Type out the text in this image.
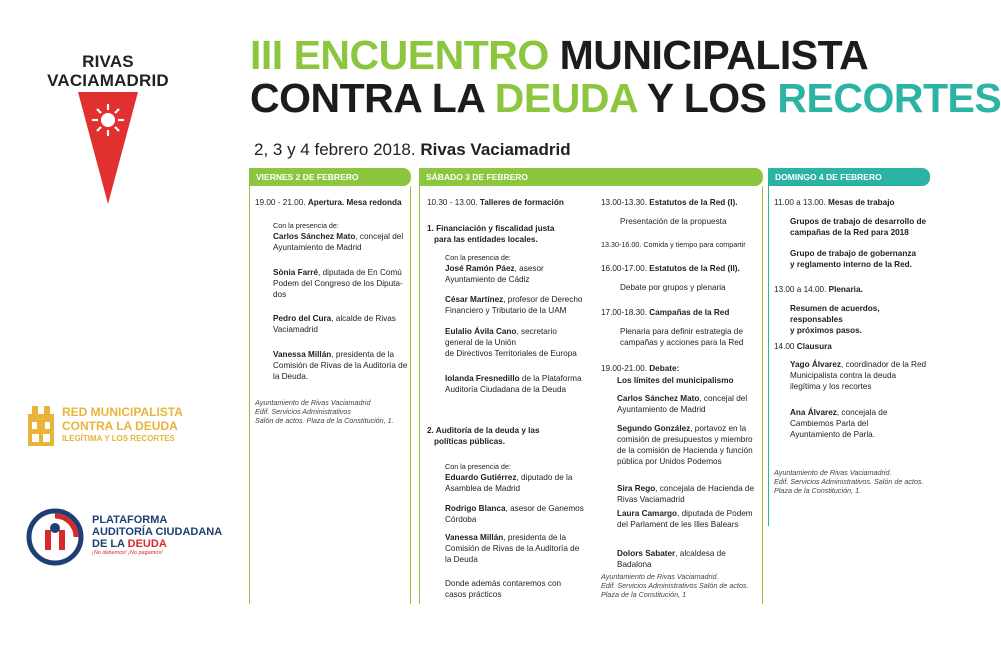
RIVAS
VACIAMADRID
III ENCUENTRO MUNICIPALISTA
CONTRA LA DEUDA Y LOS RECORTES
2, 3 y 4 febrero 2018. Rivas Vaciamadrid
RED MUNICIPALISTA
CONTRA LA DEUDA
ILEGÍTIMA Y LOS RECORTES
PLATAFORMA
AUDITORÍA CIUDADANA
DE LA DEUDA
¡No debemos! ¡No pagamos!
VIERNES 2 DE FEBRERO
19.00 - 21.00. Apertura. Mesa redonda
Con la presencia de:
Carlos Sánchez Mato, concejal del
Ayuntamiento de Madrid
Sònia Farré, diputada de En Comú
Podem del Congreso de los Diputa-
dos
Pedro del Cura, alcalde de Rivas
Vaciamadrid
Vanessa Millán, presidenta de la
Comisión de Rivas de la Auditoría de
la Deuda.
Ayuntamiento de Rivas Vaciamadrid
Edif. Servicios Administrativos
Salón de actos. Plaza de la Constitución, 1.
SÁBADO 3 DE FEBRERO
10.30 - 13.00. Talleres de formación
1. Financiación y fiscalidad justa
para las entidades locales.
Con la presencia de:
José Ramón Páez, asesor
Ayuntamiento de Cádiz
César Martínez, profesor de Derecho
Financiero y Tributario de la UAM
Eulalio Ávila Cano, secretario
general de la Unión
de Directivos Territoriales de Europa
Iolanda Fresnedillo de la Plataforma
Auditoría Ciudadana de la Deuda
2. Auditoría de la deuda y las
políticas públicas.
Con la presencia de:
Eduardo Gutiérrez, diputado de la
Asamblea de Madrid
Rodrigo Blanca, asesor de Ganemos
Córdoba
Vanessa Millán, presidenta de la
Comisión de Rivas de la Auditoría de
la Deuda
Donde además contaremos con
casos prácticos
13.00-13.30. Estatutos de la Red (I).
Presentación de la propuesta
13.30-16.00. Comida y tiempo para compartir
16.00-17.00. Estatutos de la Red (II).
Debate por grupos y plenaria
17.00-18.30. Campañas de la Red
Plenaria para definir estrategia de
campañas y acciones para la Red
19.00-21.00. Debate:
Los límites del municipalismo
Carlos Sánchez Mato, concejal del
Ayuntamiento de Madrid
Segundo González, portavoz en la
comisión de presupuestos y miembro
de la comisión de Hacienda y función
pública por Unidos Podemos
Sira Rego, concejala de Hacienda de
Rivas Vaciamadrid
Laura Camargo, diputada de Podem
del Parlament de les Illes Balears
Dolors Sabater, alcaldesa de Badalona
Ayuntamiento de Rivas Vaciamadrid.
Edif. Servicios Administrativos Salón de actos.
Plaza de la Constitución, 1
DOMINGO 4 DE FEBRERO
11.00 a 13.00. Mesas de trabajo
Grupos de trabajo de desarrollo de
campañas de la Red para 2018
Grupo de trabajo de gobernanza
y reglamento interno de la Red.
13.00 a 14.00. Plenaria.
Resumen de acuerdos, responsables
y próximos pasos.
14.00 Clausura
Yago Álvarez, coordinador de la Red
Municipalista contra la deuda
ilegítima y los recortes
Ana Álvarez, concejala de
Cambiemos Parla del
Ayuntamiento de Parla.
Ayuntamiento de Rivas Vaciamadrid.
Edif. Servicios Administrativos. Salón de actos.
Plaza de la Constitución, 1.
